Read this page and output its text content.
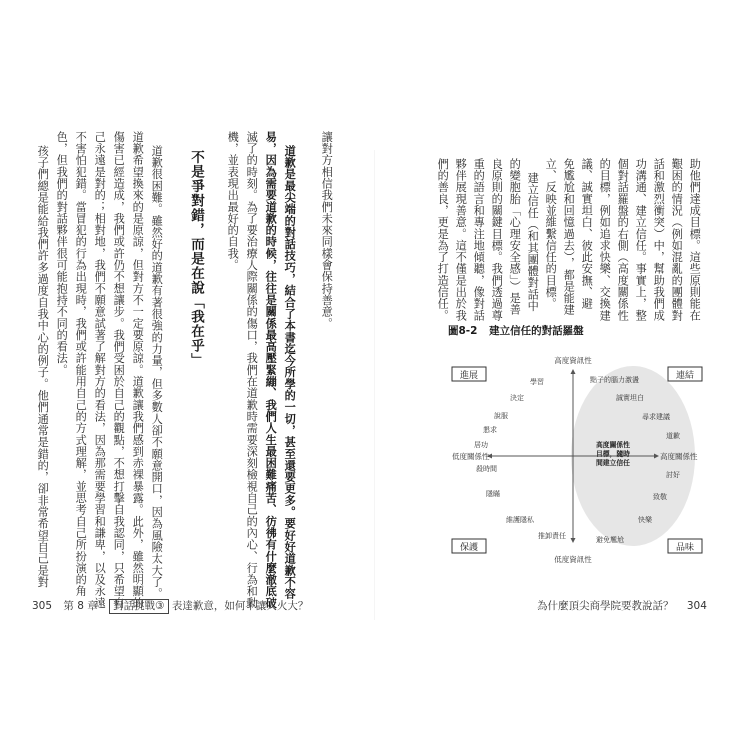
讓對方相信我們未來同樣會保持善意。

道歉是最尖端的對話技巧，結合了本書迄今所學的一切，甚至還要更多。要好好道歉不容

易，因為需要道歉的時候，往往是關係最高壓緊繃、我們人生最困難痛苦、彷彿有什麼澈底破

滅了的時刻。為了要治療人際關係的傷口，我們在道歉時需要深刻檢視自己的內心、行為和動

機，並表現出最好的自我。

不是爭對錯，而是在說「我在乎」

道歉很困難。雖然好的道歉有著很強的力量，但多數人卻不願意開口，因為風險太大了。

道歉希望換來的是原諒，但對方不一定要原諒。道歉讓我們感到赤裸暴露。此外，雖然明顯的

傷害已經造成，我們或許仍不想讓步。我們受困於自己的觀點，不想打擊自我認同，只希望自

己永遠是對的；相對地，我們不願意試著了解對方的看法，因為那需要學習和謙卑，以及永遠

不害怕犯錯。當冒犯的行為出現時，我們或許能用自己的方式理解，並思考自己所扮演的角

色，但我們的對話夥伴很可能抱持不同的看法。

孩子們總是能給我們許多過度自我中心的例子。他們通常是錯的，卻非常希望自己是對

305 第 8 章 對話挑戰③ 表達歉意，如何不讓人火大？

助他們達成目標。這些原則能在

艱困的情況（例如混亂的團體對

話和激烈衝突）中，幫助我們成

功溝通、建立信任。事實上，整

個對話羅盤的右側（高度關係性

的目標，例如追求快樂、交換建

議、誠實坦白、彼此安撫、避

免尷尬和回憶過去），都是能建

立、反映並維繫信任的目標。

建立信任（和其團體對話中

的變胞胎「心理安全感」）是善

良原則的關鍵目標。我們透過尊

重的語言和專注地傾聽，像對話

夥伴展現善意。這不僅是出於我

們的善良，更是為了打造信任。

圖8-2 建立信任的對話羅盤
進展	連結
保護	品味
高度資訊性
低度資訊性
低度關係性	高度關係性
高度關係性
目標，隨時
間建立信任
學習
決定
說服
懇求
居功
殺時間
隱瞞
維護隱私
推卸責任	避免尷尬
快樂
致敬
討好
道歉
尋求建議
誠實坦白
點子的腦力激盪
為什麼頂尖商學院要教說話？ 304
